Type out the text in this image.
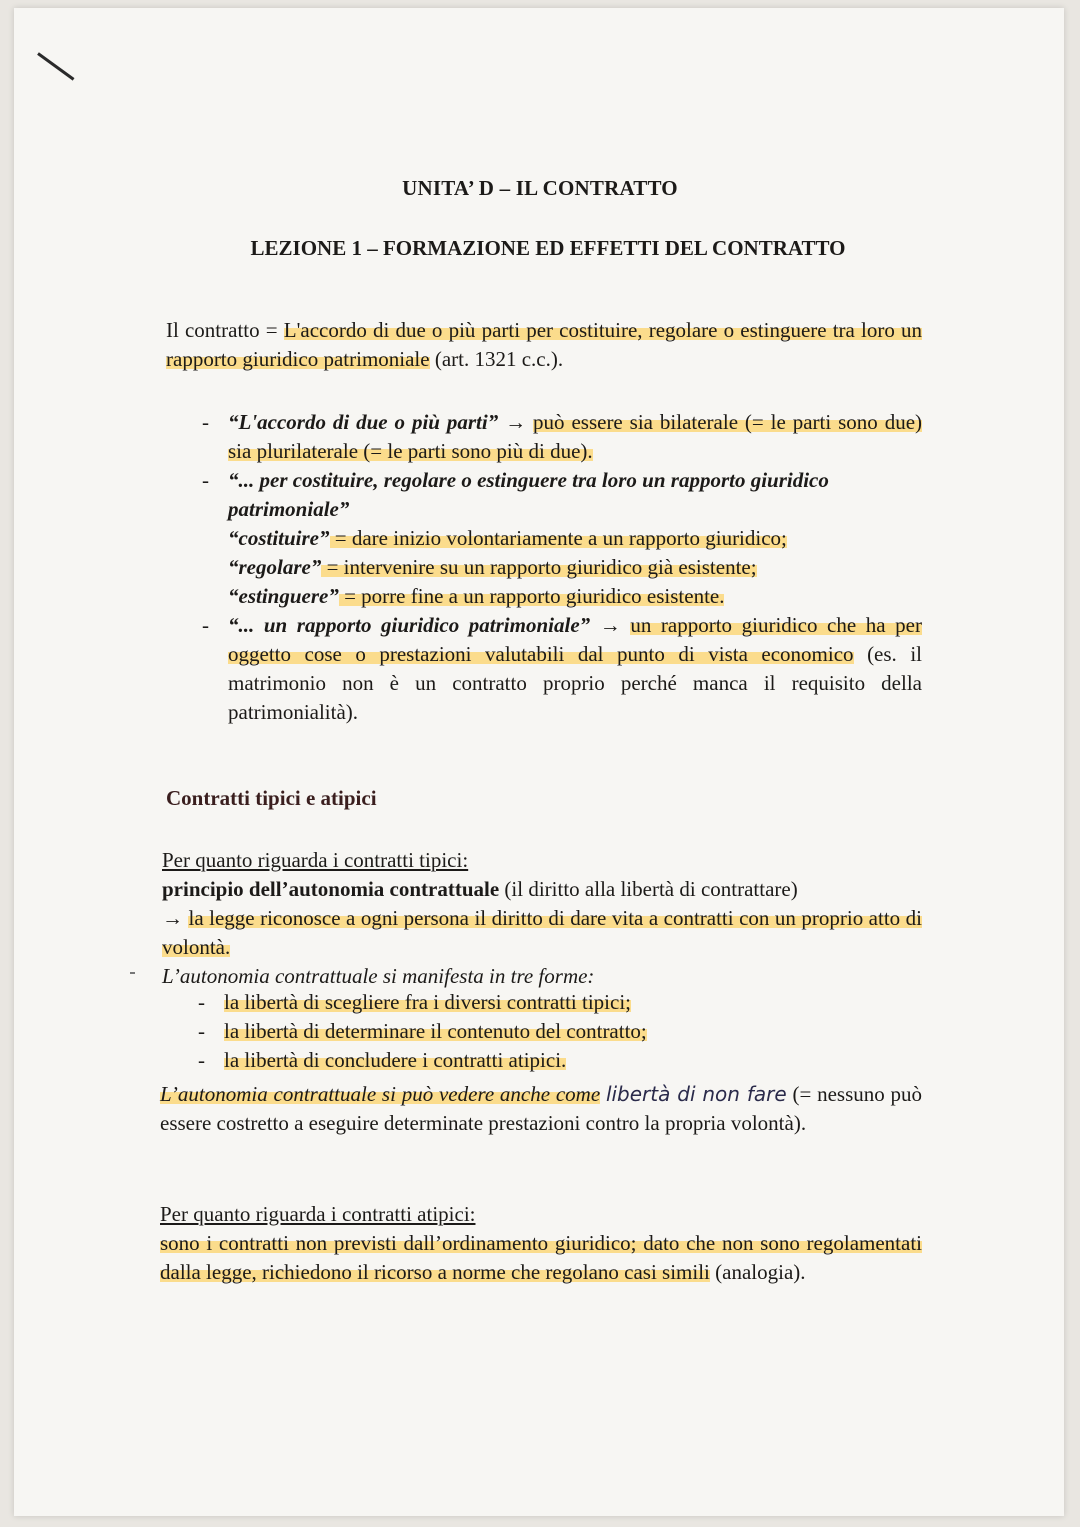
UNITA’ D – IL CONTRATTO
LEZIONE 1 – FORMAZIONE ED EFFETTI DEL CONTRATTO
Il contratto = L'accordo di due o più parti per costituire, regolare o estinguere tra loro un rapporto giuridico patrimoniale (art. 1321 c.c.).
- “L'accordo di due o più parti” → può essere sia bilaterale (= le parti sono due) sia plurilaterale (= le parti sono più di due).
- “... per costituire, regolare o estinguere tra loro un rapporto giuridico patrimoniale”
“costituire” = dare inizio volontariamente a un rapporto giuridico;
“regolare” = intervenire su un rapporto giuridico già esistente;
“estinguere” = porre fine a un rapporto giuridico esistente.
- “... un rapporto giuridico patrimoniale” → un rapporto giuridico che ha per oggetto cose o prestazioni valutabili dal punto di vista economico (es. il matrimonio non è un contratto proprio perché manca il requisito della patrimonialità).
Contratti tipici e atipici
Per quanto riguarda i contratti tipici:
principio dell’autonomia contrattuale (il diritto alla libertà di contrattare)
→ la legge riconosce a ogni persona il diritto di dare vita a contratti con un proprio atto di volontà.
L’autonomia contrattuale si manifesta in tre forme:
- la libertà di scegliere fra i diversi contratti tipici;
- la libertà di determinare il contenuto del contratto;
- la libertà di concludere i contratti atipici.
L’autonomia contrattuale si può vedere anche come libertà di non fare (= nessuno può essere costretto a eseguire determinate prestazioni contro la propria volontà).
Per quanto riguarda i contratti atipici:
sono i contratti non previsti dall’ordinamento giuridico; dato che non sono regolamentati dalla legge, richiedono il ricorso a norme che regolano casi simili (analogia).
